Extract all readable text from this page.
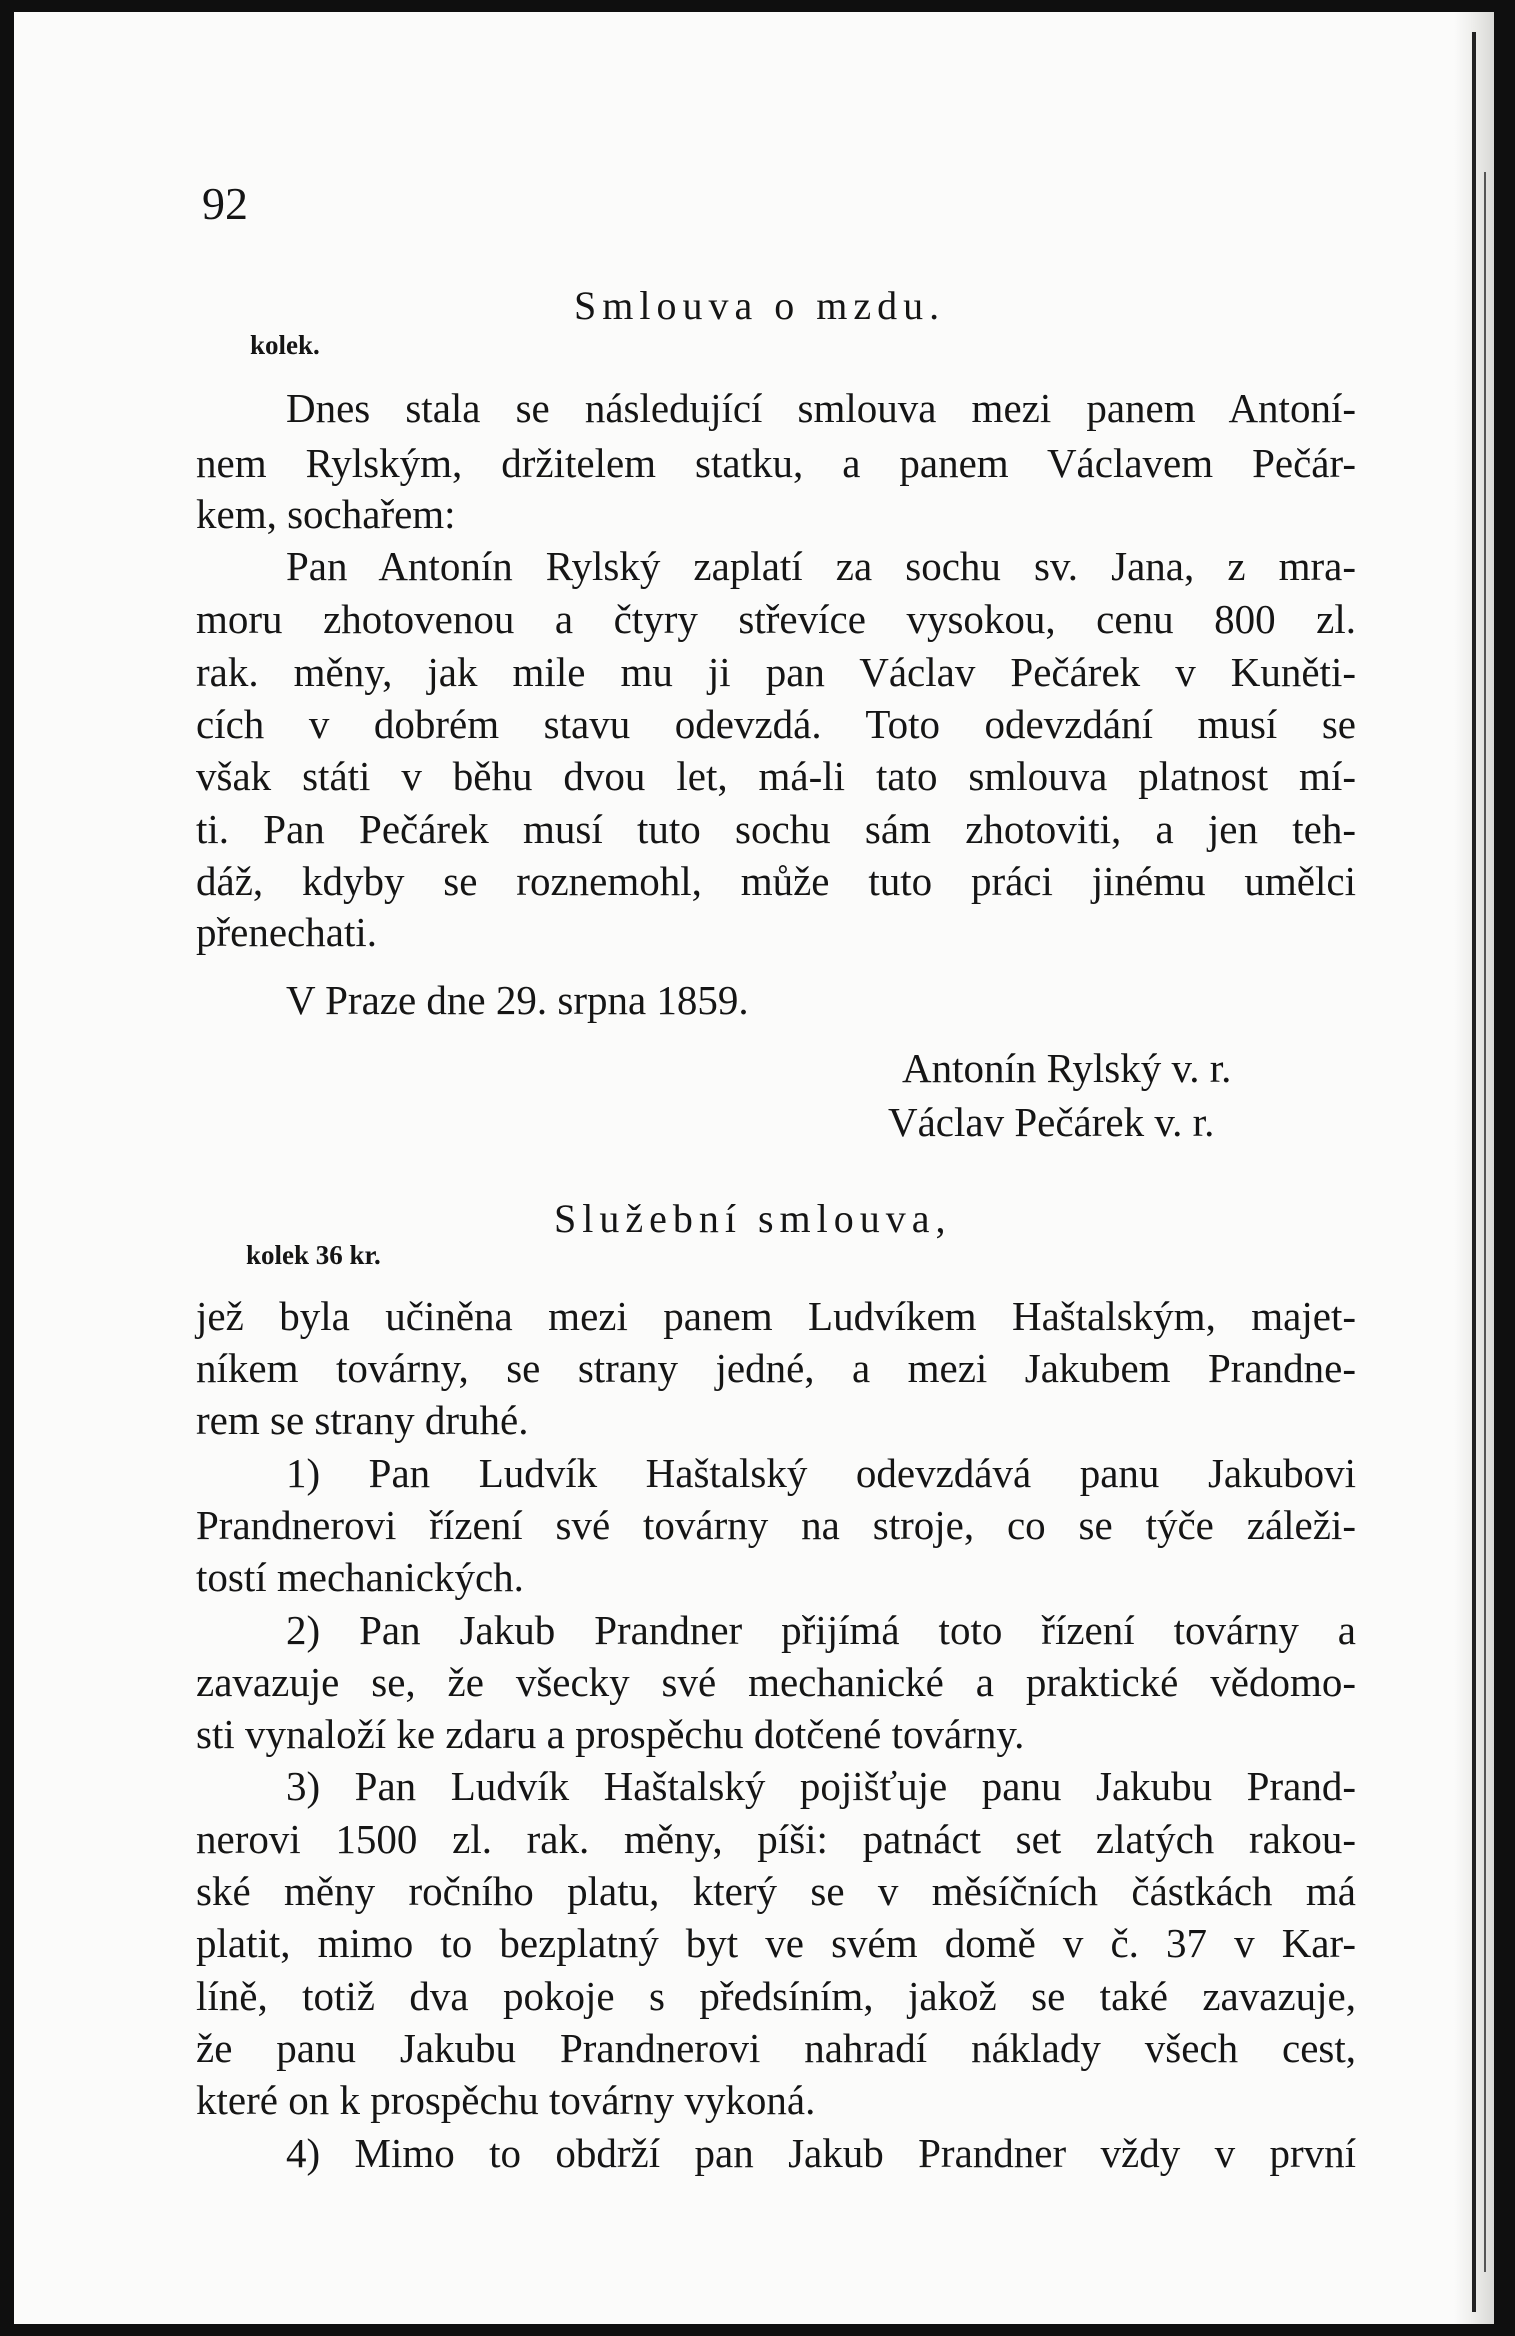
92
Smlouva o mzdu.
kolek.
Dnes stala se následující smlouva mezi panem Antoní-
nem Rylským, držitelem statku, a panem Václavem Pečár-
kem, sochařem:
Pan Antonín Rylský zaplatí za sochu sv. Jana, z mra-
moru zhotovenou a čtyry střevíce vysokou, cenu 800 zl.
rak. měny, jak mile mu ji pan Václav Pečárek v Kuněti-
cích v dobrém stavu odevzdá. Toto odevzdání musí se
však státi v běhu dvou let, má-li tato smlouva platnost mí-
ti. Pan Pečárek musí tuto sochu sám zhotoviti, a jen teh-
dáž, kdyby se roznemohl, může tuto práci jinému umělci
přenechati.
V Praze dne 29. srpna 1859.
Antonín Rylský v. r.
Václav Pečárek v. r.
Služební smlouva,
kolek 36 kr.
jež byla učiněna mezi panem Ludvíkem Haštalským, majet-
níkem továrny, se strany jedné, a mezi Jakubem Prandne-
rem se strany druhé.
1) Pan Ludvík Haštalský odevzdává panu Jakubovi
Prandnerovi řízení své továrny na stroje, co se týče záleži-
tostí mechanických.
2) Pan Jakub Prandner přijímá toto řízení továrny a
zavazuje se, že všecky své mechanické a praktické vědomo-
sti vynaloží ke zdaru a prospěchu dotčené továrny.
3) Pan Ludvík Haštalský pojišťuje panu Jakubu Prand-
nerovi 1500 zl. rak. měny, píši: patnáct set zlatých rakou-
ské měny ročního platu, který se v měsíčních částkách má
platit, mimo to bezplatný byt ve svém domě v č. 37 v Kar-
líně, totiž dva pokoje s předsíním, jakož se také zavazuje,
že panu Jakubu Prandnerovi nahradí náklady všech cest,
které on k prospěchu továrny vykoná.
4) Mimo to obdrží pan Jakub Prandner vždy v první
